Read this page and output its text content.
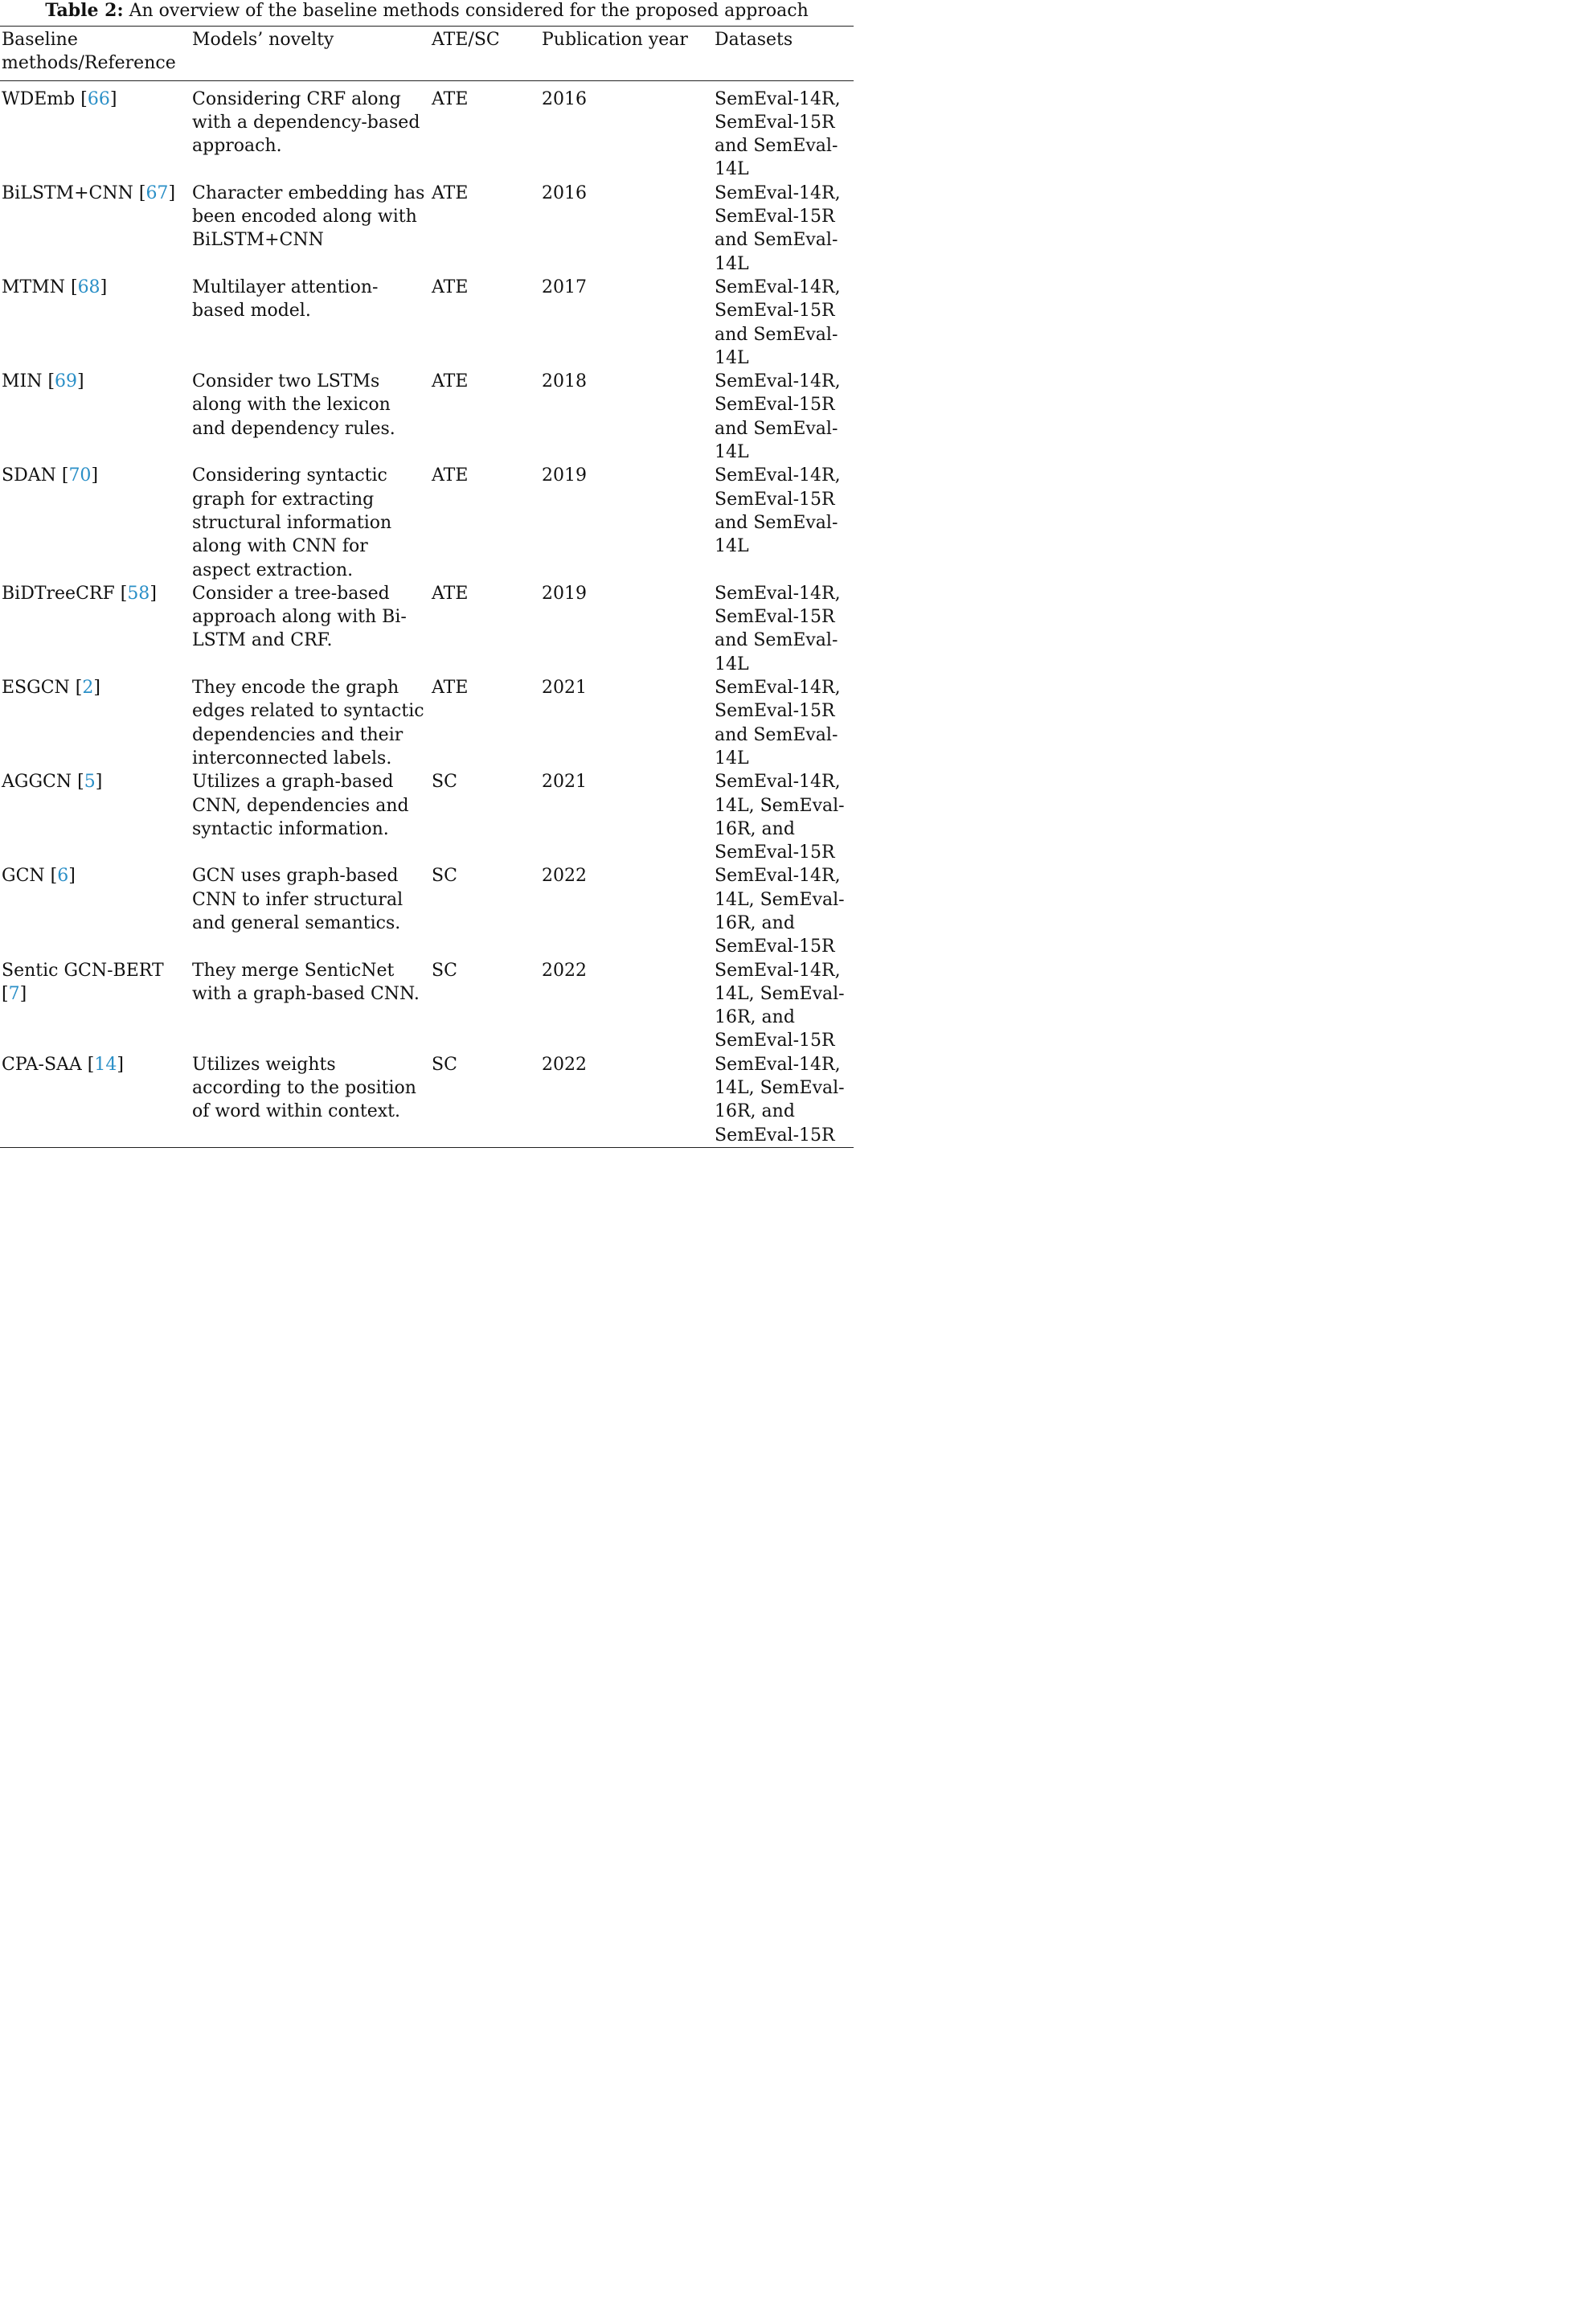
Table 2: An overview of the baseline methods considered for the proposed approach
Baseline methods/Reference	Models’ novelty	ATE/SC	Publication year	Datasets
WDEmb [66]	Considering CRF along with a dependency-based approach.	ATE	2016	SemEval-14R, SemEval-15R and SemEval-14L
BiLSTM+CNN [67]	Character embedding has been encoded along with BiLSTM+CNN	ATE	2016	SemEval-14R, SemEval-15R and SemEval-14L
MTMN [68]	Multilayer attention-based model.	ATE	2017	SemEval-14R, SemEval-15R and SemEval-14L
MIN [69]	Consider two LSTMs along with the lexicon and dependency rules.	ATE	2018	SemEval-14R, SemEval-15R and SemEval-14L
SDAN [70]	Considering syntactic graph for extracting structural information along with CNN for aspect extraction.	ATE	2019	SemEval-14R, SemEval-15R and SemEval-14L
BiDTreeCRF [58]	Consider a tree-based approach along with Bi-LSTM and CRF.	ATE	2019	SemEval-14R, SemEval-15R and SemEval-14L
ESGCN [2]	They encode the graph edges related to syntactic dependencies and their interconnected labels.	ATE	2021	SemEval-14R, SemEval-15R and SemEval-14L
AGGCN [5]	Utilizes a graph-based CNN, dependencies and syntactic information.	SC	2021	SemEval-14R, 14L, SemEval-16R, and SemEval-15R
GCN [6]	GCN uses graph-based CNN to infer structural and general semantics.	SC	2022	SemEval-14R, 14L, SemEval-16R, and SemEval-15R
Sentic GCN-BERT [7]	They merge SenticNet with a graph-based CNN.	SC	2022	SemEval-14R, 14L, SemEval-16R, and SemEval-15R
CPA-SAA [14]	Utilizes weights according to the position of word within context.	SC	2022	SemEval-14R, 14L, SemEval-16R, and SemEval-15R
